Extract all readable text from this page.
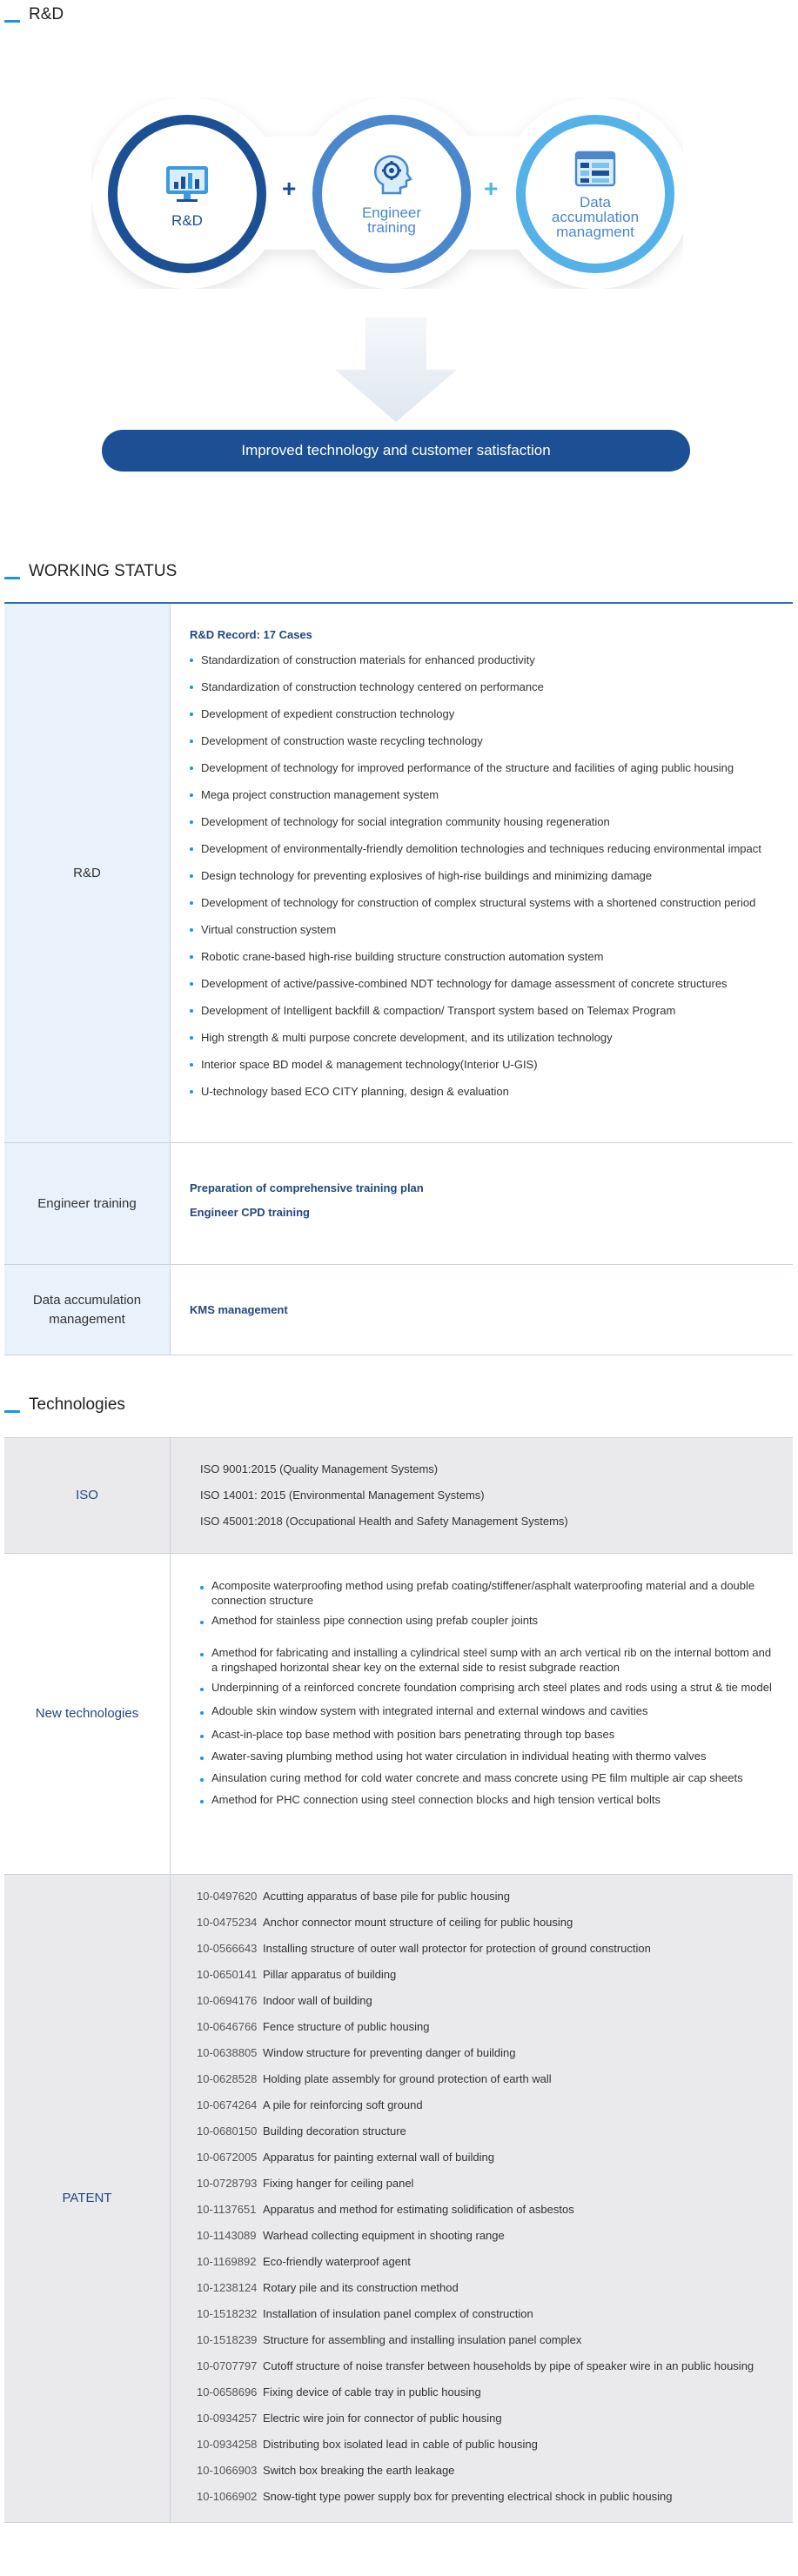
R&D
R&D
+
Engineer
training
+	Data
accumulation
managment
Improved technology and customer satisfaction
WORKING STATUS
R&D
R&D Record: 17 Cases
Standardization of construction materials for enhanced productivity
Standardization of construction technology centered on performance
Development of expedient construction technology
Development of construction waste recycling technology
Development of technology for improved performance of the structure and facilities of aging public housing
Mega project construction management system
Development of technology for social integration community housing regeneration
Development of environmentally-friendly demolition technologies and techniques reducing environmental impact
Design technology for preventing explosives of high-rise buildings and minimizing damage
Development of technology for construction of complex structural systems with a shortened construction period
Virtual construction system
Robotic crane-based high-rise building structure construction automation system
Development of active/passive-combined NDT technology for damage assessment of concrete structures
Development of Intelligent backfill & compaction/ Transport system based on Telemax Program
High strength & multi purpose concrete development, and its utilization technology
Interior space BD model & management technology(Interior U-GIS)
U-technology based ECO CITY planning, design & evaluation
Engineer training
Preparation of comprehensive training plan
Engineer CPD training
Data accumulation management
KMS management
Technologies
ISO
ISO 9001:2015 (Quality Management Systems)
ISO 14001: 2015 (Environmental Management Systems)
ISO 45001:2018 (Occupational Health and Safety Management Systems)
New technologies
Acomposite waterproofing method using prefab coating/stiffener/asphalt waterproofing material and a double connection structure
Amethod for stainless pipe connection using prefab coupler joints
Amethod for fabricating and installing a cylindrical steel sump with an arch vertical rib on the internal bottom and a ringshaped horizontal shear key on the external side to resist subgrade reaction
Underpinning of a reinforced concrete foundation comprising arch steel plates and rods using a strut & tie model
Adouble skin window system with integrated internal and external windows and cavities
Acast-in-place top base method with position bars penetrating through top bases
Awater-saving plumbing method using hot water circulation in individual heating with thermo valves
Ainsulation curing method for cold water concrete and mass concrete using PE film multiple air cap sheets
Amethod for PHC connection using steel connection blocks and high tension vertical bolts
PATENT
10-0497620 Acutting apparatus of base pile for public housing
10-0475234 Anchor connector mount structure of ceiling for public housing
10-0566643 Installing structure of outer wall protector for protection of ground construction
10-0650141 Pillar apparatus of building
10-0694176 Indoor wall of building
10-0646766 Fence structure of public housing
10-0638805 Window structure for preventing danger of building
10-0628528 Holding plate assembly for ground protection of earth wall
10-0674264 A pile for reinforcing soft ground
10-0680150 Building decoration structure
10-0672005 Apparatus for painting external wall of building
10-0728793 Fixing hanger for ceiling panel
10-1137651 Apparatus and method for estimating solidification of asbestos
10-1143089 Warhead collecting equipment in shooting range
10-1169892 Eco-friendly waterproof agent
10-1238124 Rotary pile and its construction method
10-1518232 Installation of insulation panel complex of construction
10-1518239 Structure for assembling and installing insulation panel complex
10-0707797 Cutoff structure of noise transfer between households by pipe of speaker wire in an public housing
10-0658696 Fixing device of cable tray in public housing
10-0934257 Electric wire join for connector of public housing
10-0934258 Distributing box isolated lead in cable of public housing
10-1066903 Switch box breaking the earth leakage
10-1066902 Snow-tight type power supply box for preventing electrical shock in public housing
